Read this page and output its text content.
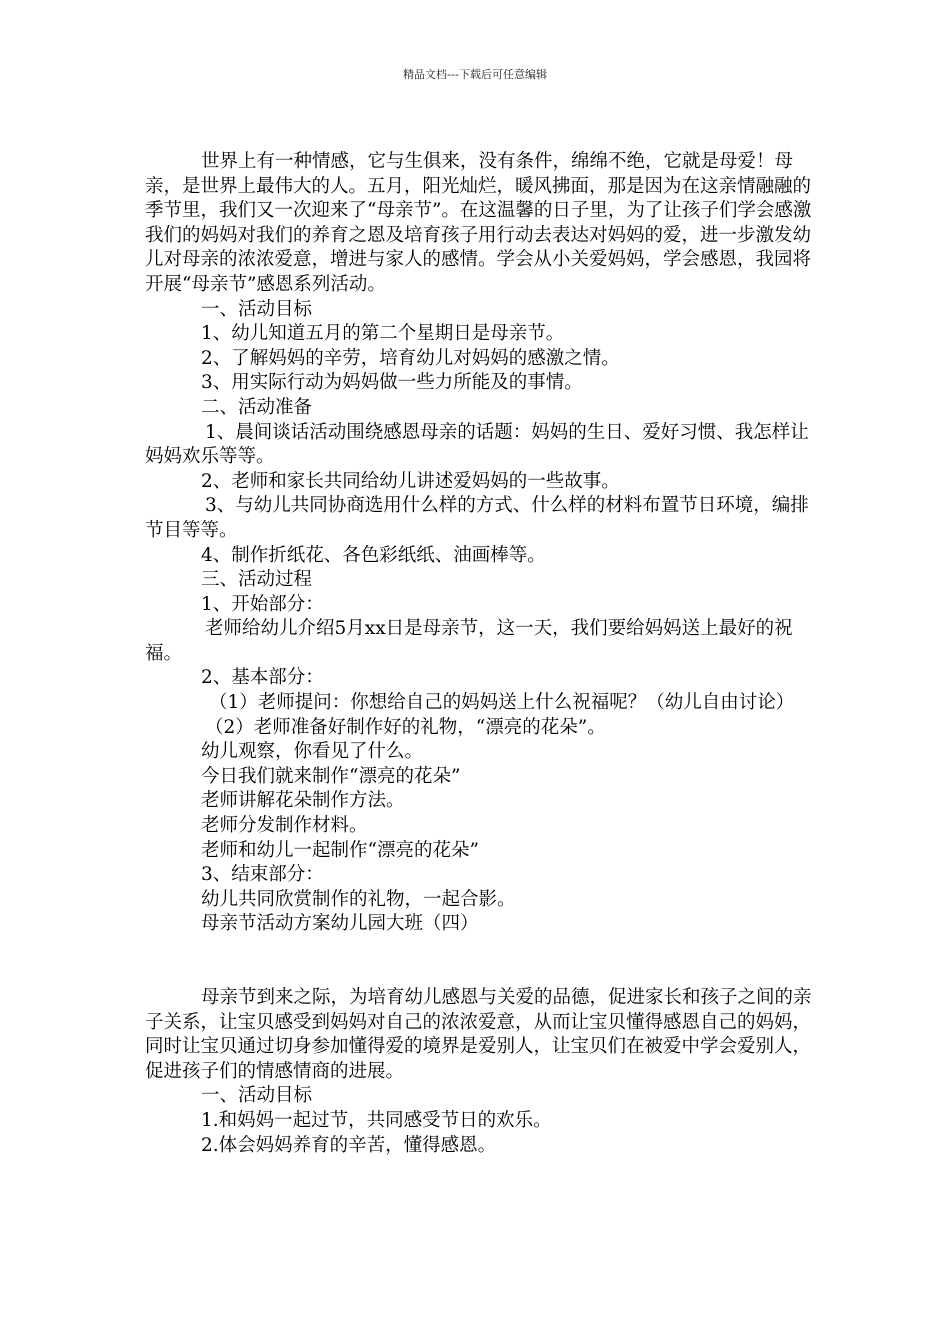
精品文档---下载后可任意编辑

世界上有一种情感，它与生俱来，没有条件，绵绵不绝，它就是母爱！母亲，是世界上最伟大的人。五月，阳光灿烂，暖风拂面，那是因为在这亲情融融的季节里，我们又一次迎来了“母亲节”。在这温馨的日子里，为了让孩子们学会感激我们的妈妈对我们的养育之恩及培育孩子用行动去表达对妈妈的爱，进一步激发幼儿对母亲的浓浓爱意，增进与家人的感情。学会从小关爱妈妈，学会感恩，我园将开展“母亲节”感恩系列活动。

一、活动目标

1、幼儿知道五月的第二个星期日是母亲节。

2、了解妈妈的辛劳，培育幼儿对妈妈的感激之情。

3、用实际行动为妈妈做一些力所能及的事情。

二、活动准备

1、晨间谈话活动围绕感恩母亲的话题：妈妈的生日、爱好习惯、我怎样让妈妈欢乐等等。

2、老师和家长共同给幼儿讲述爱妈妈的一些故事。

3、与幼儿共同协商选用什么样的方式、什么样的材料布置节日环境，编排节目等等。

4、制作折纸花、各色彩纸纸、油画棒等。

三、活动过程

1、开始部分：

老师给幼儿介绍5月xx日是母亲节，这一天，我们要给妈妈送上最好的祝福。

2、基本部分：

（1）老师提问：你想给自己的妈妈送上什么祝福呢？（幼儿自由讨论）

（2）老师准备好制作好的礼物，“漂亮的花朵”。

幼儿观察，你看见了什么。

今日我们就来制作“漂亮的花朵”

老师讲解花朵制作方法。

老师分发制作材料。

老师和幼儿一起制作“漂亮的花朵”

3、结束部分：

幼儿共同欣赏制作的礼物，一起合影。

母亲节活动方案幼儿园大班（四）

母亲节到来之际，为培育幼儿感恩与关爱的品德，促进家长和孩子之间的亲子关系，让宝贝感受到妈妈对自己的浓浓爱意，从而让宝贝懂得感恩自己的妈妈，同时让宝贝通过切身参加懂得爱的境界是爱别人，让宝贝们在被爱中学会爱别人，促进孩子们的情感情商的进展。

一、活动目标

1.和妈妈一起过节，共同感受节日的欢乐。

2.体会妈妈养育的辛苦，懂得感恩。
